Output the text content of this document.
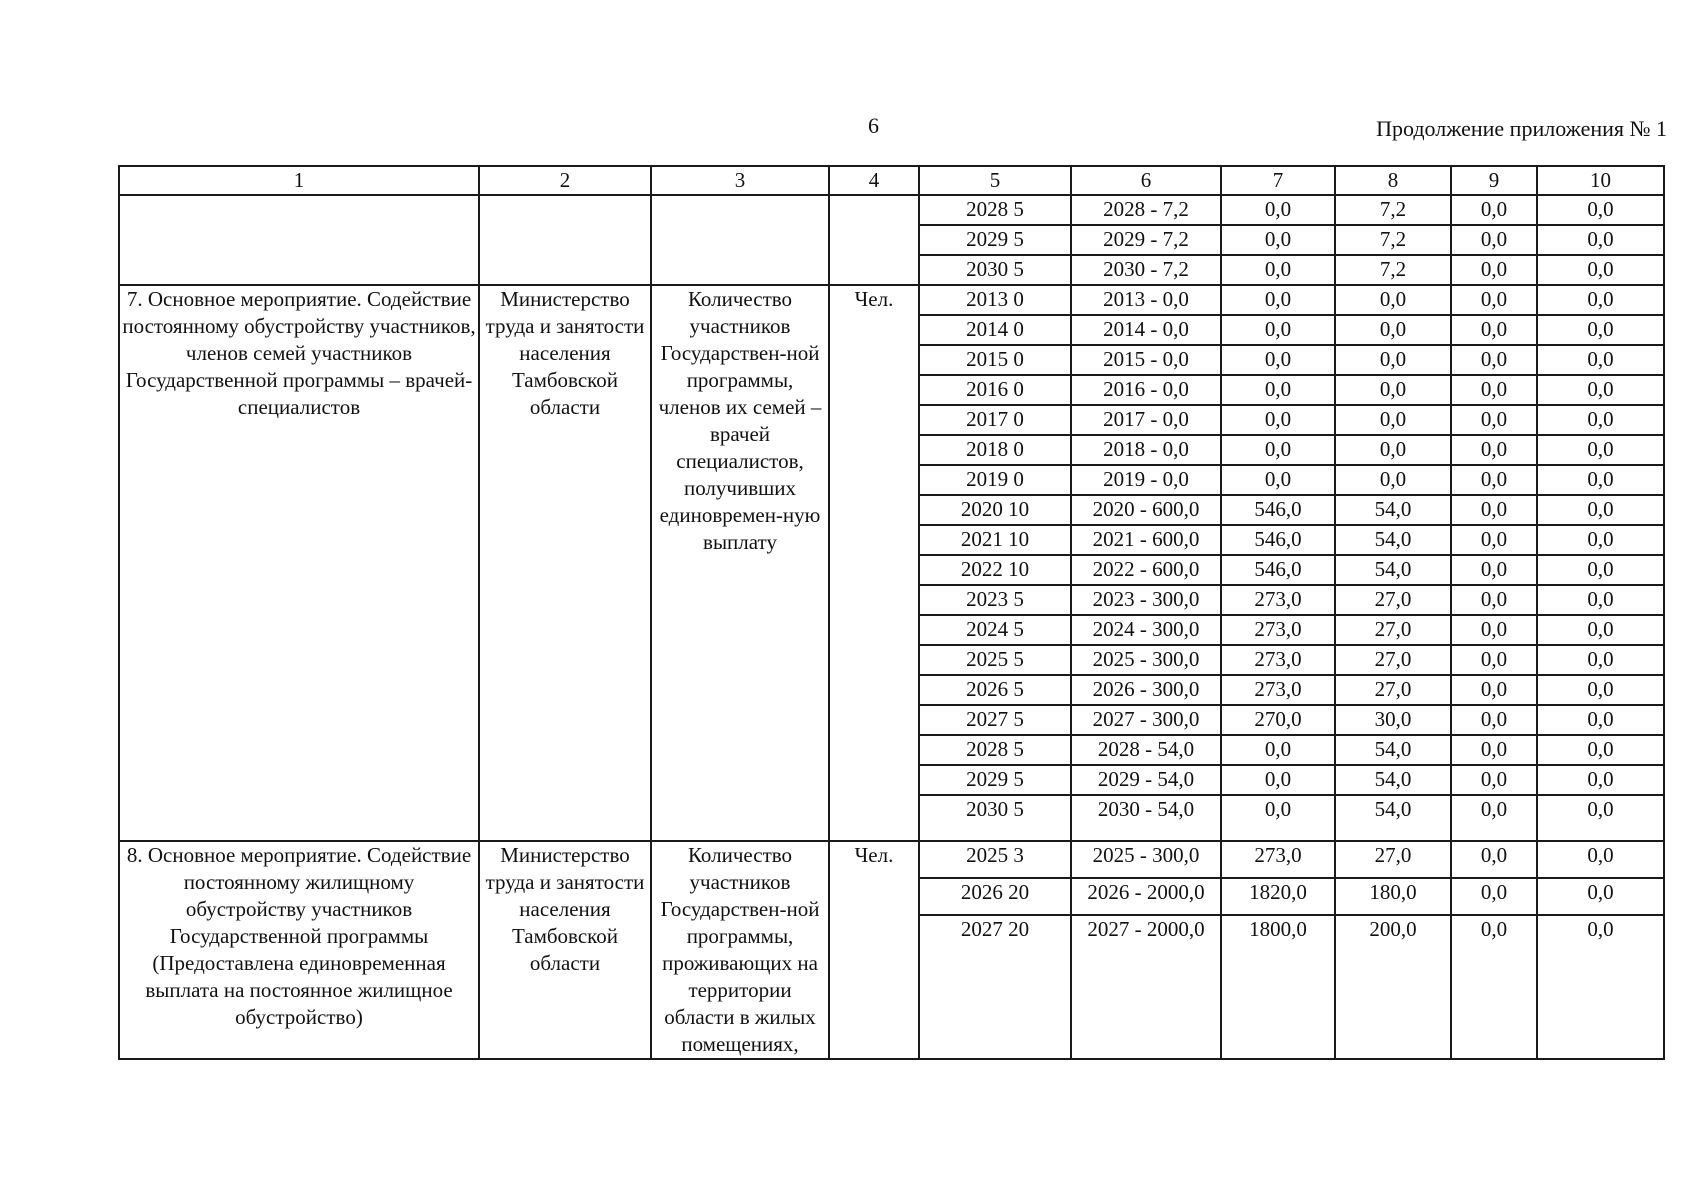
6	Продолжение приложения № 1
1	2	3	4	5	6	7	8	9	10
				2028 5	2028 - 7,2	0,0	7,2	0,0	0,0
				2029 5	2029 - 7,2	0,0	7,2	0,0	0,0
				2030 5	2030 - 7,2	0,0	7,2	0,0	0,0
7. Основное мероприятие. Содействие постоянному обустройству участников, членов семей участников Государственной программы – врачей-специалистов	Министерство труда и занятости населения Тамбовской области	Количество участников Государствен-ной программы, членов их семей – врачей специалистов, получивших единовремен-ную выплату	Чел.	2013 0	2013 - 0,0	0,0	0,0	0,0	0,0
				2014 0	2014 - 0,0	0,0	0,0	0,0	0,0
				2015 0	2015 - 0,0	0,0	0,0	0,0	0,0
				2016 0	2016 - 0,0	0,0	0,0	0,0	0,0
				2017 0	2017 - 0,0	0,0	0,0	0,0	0,0
				2018 0	2018 - 0,0	0,0	0,0	0,0	0,0
				2019 0	2019 - 0,0	0,0	0,0	0,0	0,0
				2020 10	2020 - 600,0	546,0	54,0	0,0	0,0
				2021 10	2021 - 600,0	546,0	54,0	0,0	0,0
				2022 10	2022 - 600,0	546,0	54,0	0,0	0,0
				2023 5	2023 - 300,0	273,0	27,0	0,0	0,0
				2024 5	2024 - 300,0	273,0	27,0	0,0	0,0
				2025 5	2025 - 300,0	273,0	27,0	0,0	0,0
				2026 5	2026 - 300,0	273,0	27,0	0,0	0,0
				2027 5	2027 - 300,0	270,0	30,0	0,0	0,0
				2028 5	2028 - 54,0	0,0	54,0	0,0	0,0
				2029 5	2029 - 54,0	0,0	54,0	0,0	0,0
				2030 5	2030 - 54,0	0,0	54,0	0,0	0,0
8. Основное мероприятие. Содействие постоянному жилищному обустройству участников Государственной программы (Предоставлена единовременная выплата на постоянное жилищное обустройство)	Министерство труда и занятости населения Тамбовской области	Количество участников Государствен-ной программы, проживающих на территории области в жилых помещениях,	Чел.	2025 3	2025 - 300,0	273,0	27,0	0,0	0,0
				2026 20	2026 - 2000,0	1820,0	180,0	0,0	0,0
				2027 20	2027 - 2000,0	1800,0	200,0	0,0	0,0
